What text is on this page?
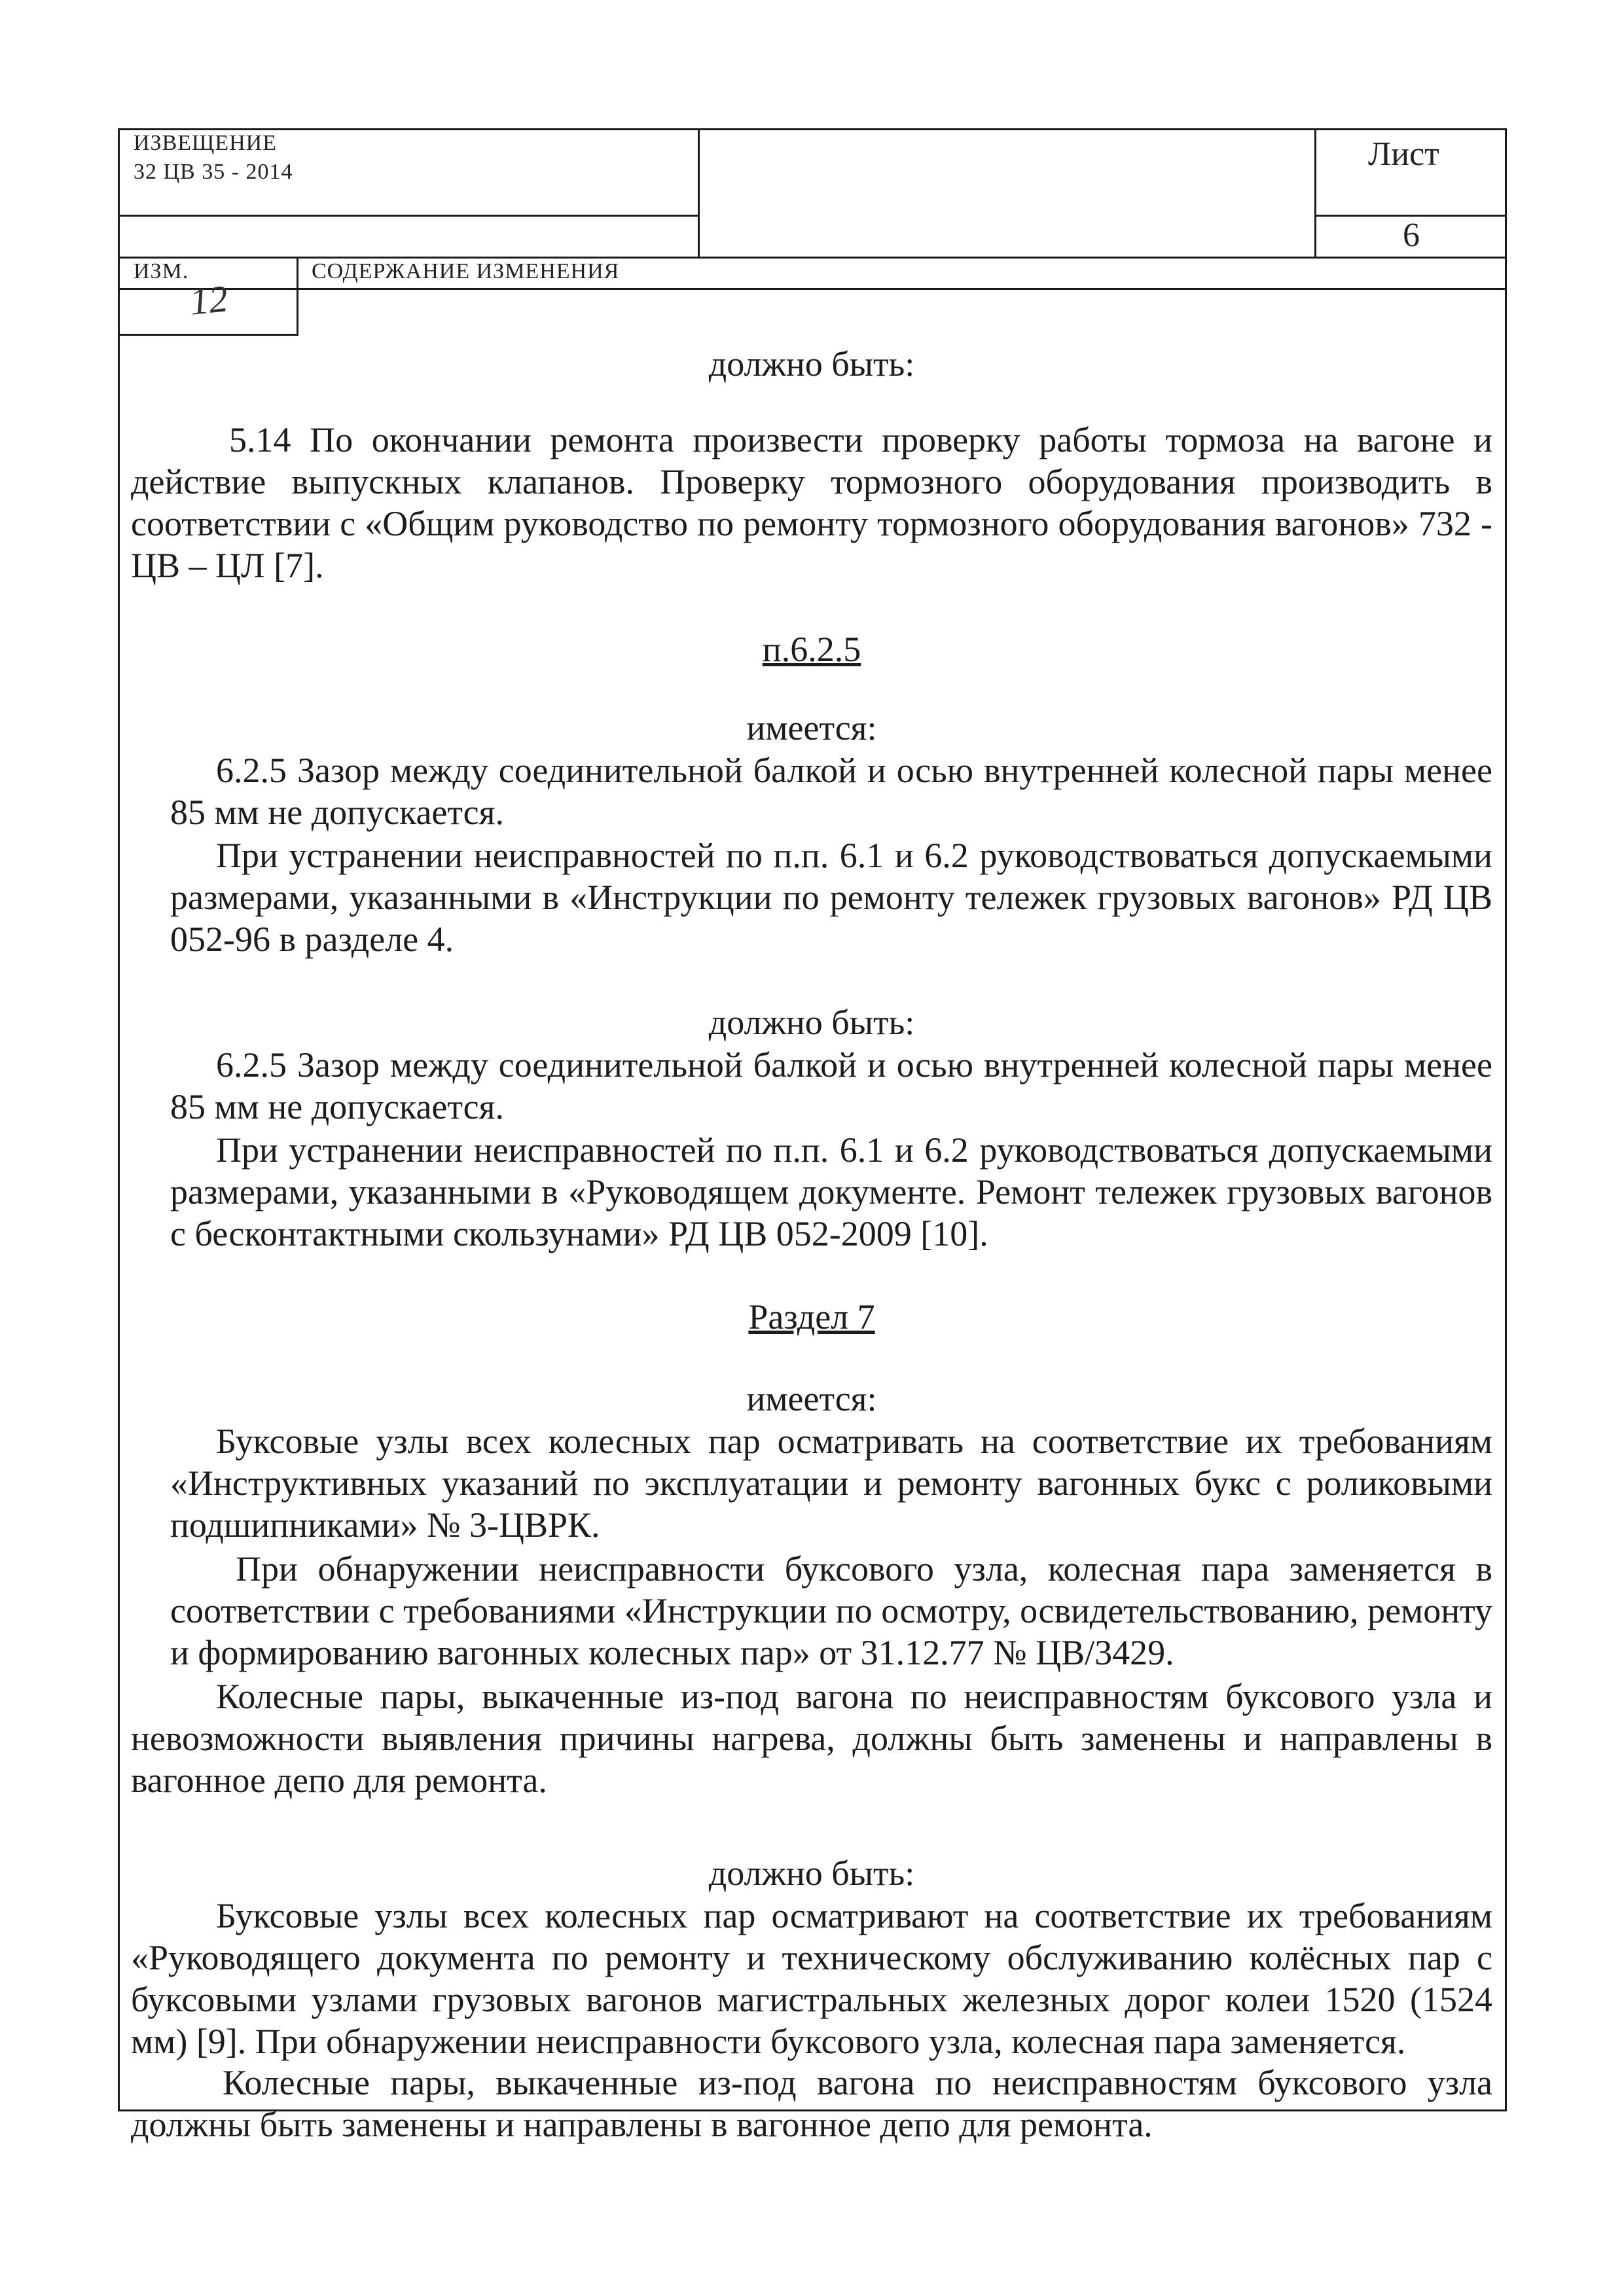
ИЗВЕЩЕНИЕ
32 ЦВ 35 - 2014	Лист
6
ИЗМ.	СОДЕРЖАНИЕ ИЗМЕНЕНИЯ
12
должно быть:

5.14 По окончании ремонта произвести проверку работы тормоза на вагоне и действие выпускных клапанов. Проверку тормозного оборудования производить в соответствии с «Общим руководство по ремонту тормозного оборудования вагонов» 732 - ЦВ – ЦЛ [7].

п.6.2.5
имеется:

6.2.5 Зазор между соединительной балкой и осью внутренней колесной пары менее 85 мм не допускается.

При устранении неисправностей по п.п. 6.1 и 6.2 руководствоваться допускаемыми размерами, указанными в «Инструкции по ремонту тележек грузовых вагонов» РД ЦВ 052-96 в разделе 4.

должно быть:

6.2.5 Зазор между соединительной балкой и осью внутренней колесной пары менее 85 мм не допускается.

При устранении неисправностей по п.п. 6.1 и 6.2 руководствоваться допускаемыми размерами, указанными в «Руководящем документе. Ремонт тележек грузовых вагонов с бесконтактными скользунами» РД ЦВ 052-2009 [10].

Раздел 7
имеется:

Буксовые узлы всех колесных пар осматривать на соответствие их требованиям «Инструктивных указаний по эксплуатации и ремонту вагонных букс с роликовыми подшипниками» № 3-ЦВРК.

При обнаружении неисправности буксового узла, колесная пара заменяется в соответствии с требованиями «Инструкции по осмотру, освидетельствованию, ремонту и формированию вагонных колесных пар» от 31.12.77 № ЦВ/3429.

Колесные пары, выкаченные из-под вагона по неисправностям буксового узла и невозможности выявления причины нагрева, должны быть заменены и направлены в вагонное депо для ремонта.

должно быть:

Буксовые узлы всех колесных пар осматривают на соответствие их требованиям «Руководящего документа по ремонту и техническому обслуживанию колёсных пар с буксовыми узлами грузовых вагонов магистральных железных дорог колеи 1520 (1524 мм) [9]. При обнаружении неисправности буксового узла, колесная пара заменяется.

Колесные пары, выкаченные из-под вагона по неисправностям буксового узла должны быть заменены и направлены в вагонное депо для ремонта.
